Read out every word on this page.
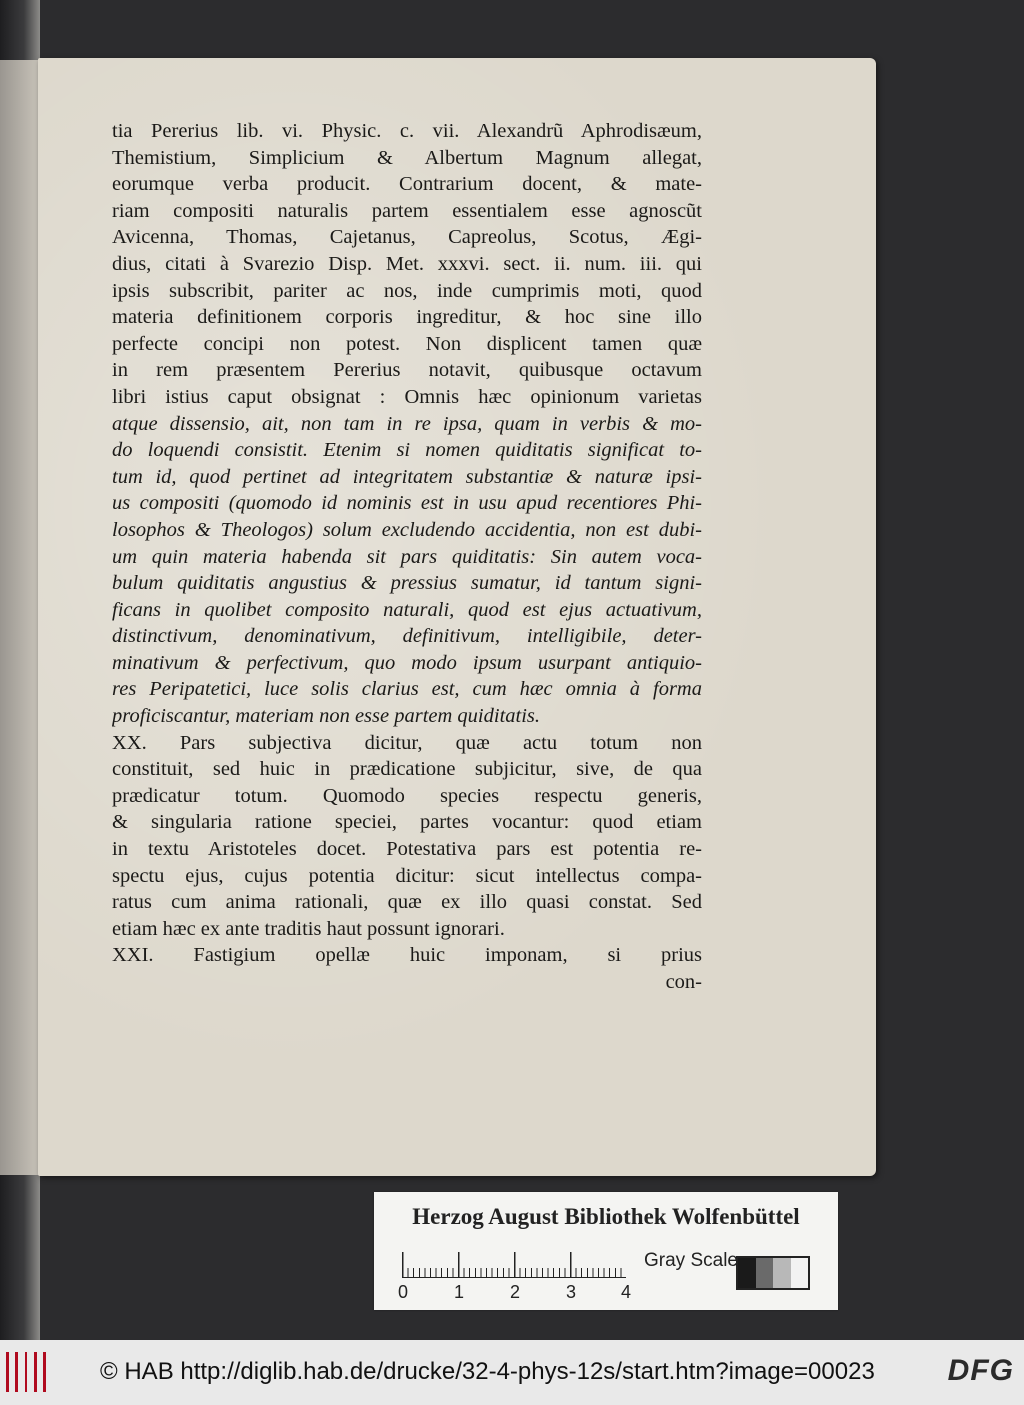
tia Pererius lib. vi. Physic. c. vii. Alexandrũ Aphrodisæum,
Themistium, Simplicium & Albertum Magnum allegat,
eorumque verba producit. Contrarium docent, & mate-
riam compositi naturalis partem essentialem esse agnoscũt
Avicenna, Thomas, Cajetanus, Capreolus, Scotus, Ægi-
dius, citati à Svarezio Disp. Met. xxxvi. sect. ii. num. iii. qui
ipsis subscribit, pariter ac nos, inde cumprimis moti, quod
materia definitionem corporis ingreditur, & hoc sine illo
perfecte concipi non potest. Non displicent tamen quæ
in rem præsentem Pererius notavit, quibusque octavum
libri istius caput obsignat : Omnis hæc opinionum varietas
atque dissensio, ait, non tam in re ipsa, quam in verbis & mo-
do loquendi consistit. Etenim si nomen quiditatis significat to-
tum id, quod pertinet ad integritatem substantiæ & naturæ ipsi-
us compositi (quomodo id nominis est in usu apud recentiores Phi-
losophos & Theologos) solum excludendo accidentia, non est dubi-
um quin materia habenda sit pars quiditatis: Sin autem voca-
bulum quiditatis angustius & pressius sumatur, id tantum signi-
ficans in quolibet composito naturali, quod est ejus actuativum,
distinctivum, denominativum, definitivum, intelligibile, deter-
minativum & perfectivum, quo modo ipsum usurpant antiquio-
res Peripatetici, luce solis clarius est, cum hæc omnia à forma
proficiscantur, materiam non esse partem quiditatis.
XX. Pars subjectiva dicitur, quæ actu totum non
constituit, sed huic in prædicatione subjicitur, sive, de qua
prædicatur totum. Quomodo species respectu generis,
& singularia ratione speciei, partes vocantur: quod etiam
in textu Aristoteles docet. Potestativa pars est potentia re-
spectu ejus, cujus potentia dicitur: sicut intellectus compa-
ratus cum anima rationali, quæ ex illo quasi constat. Sed
etiam hæc ex ante traditis haut possunt ignorari.
XXI. Fastigium opellæ huic imponam, si prius
con-
Herzog August Bibliothek Wolfenbüttel
0	1	2	3 4
Gray Scale
© HAB http://diglib.hab.de/drucke/32-4-phys-12s/start.htm?image=00023 DFG
